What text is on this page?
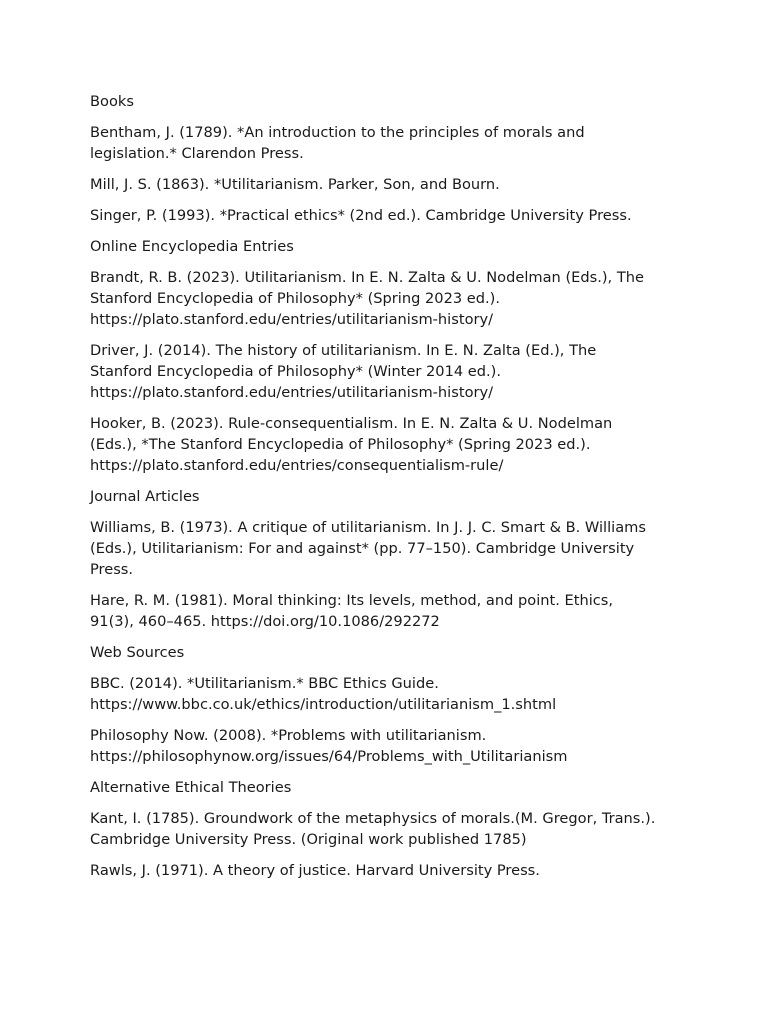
Books

Bentham, J. (1789). *An introduction to the principles of morals and
legislation.* Clarendon Press.

Mill, J. S. (1863). *Utilitarianism. Parker, Son, and Bourn.

Singer, P. (1993). *Practical ethics* (2nd ed.). Cambridge University Press.

Online Encyclopedia Entries

Brandt, R. B. (2023). Utilitarianism. In E. N. Zalta & U. Nodelman (Eds.), The
Stanford Encyclopedia of Philosophy* (Spring 2023 ed.).
https://plato.stanford.edu/entries/utilitarianism-history/

Driver, J. (2014). The history of utilitarianism. In E. N. Zalta (Ed.), The
Stanford Encyclopedia of Philosophy* (Winter 2014 ed.).
https://plato.stanford.edu/entries/utilitarianism-history/

Hooker, B. (2023). Rule-consequentialism. In E. N. Zalta & U. Nodelman
(Eds.), *The Stanford Encyclopedia of Philosophy* (Spring 2023 ed.).
https://plato.stanford.edu/entries/consequentialism-rule/

Journal Articles

Williams, B. (1973). A critique of utilitarianism. In J. J. C. Smart & B. Williams
(Eds.), Utilitarianism: For and against* (pp. 77–150). Cambridge University
Press.

Hare, R. M. (1981). Moral thinking: Its levels, method, and point. Ethics,
91(3), 460–465. https://doi.org/10.1086/292272

Web Sources

BBC. (2014). *Utilitarianism.* BBC Ethics Guide.
https://www.bbc.co.uk/ethics/introduction/utilitarianism_1.shtml

Philosophy Now. (2008). *Problems with utilitarianism.
https://philosophynow.org/issues/64/Problems_with_Utilitarianism

Alternative Ethical Theories

Kant, I. (1785). Groundwork of the metaphysics of morals.(M. Gregor, Trans.).
Cambridge University Press. (Original work published 1785)

Rawls, J. (1971). A theory of justice. Harvard University Press.
